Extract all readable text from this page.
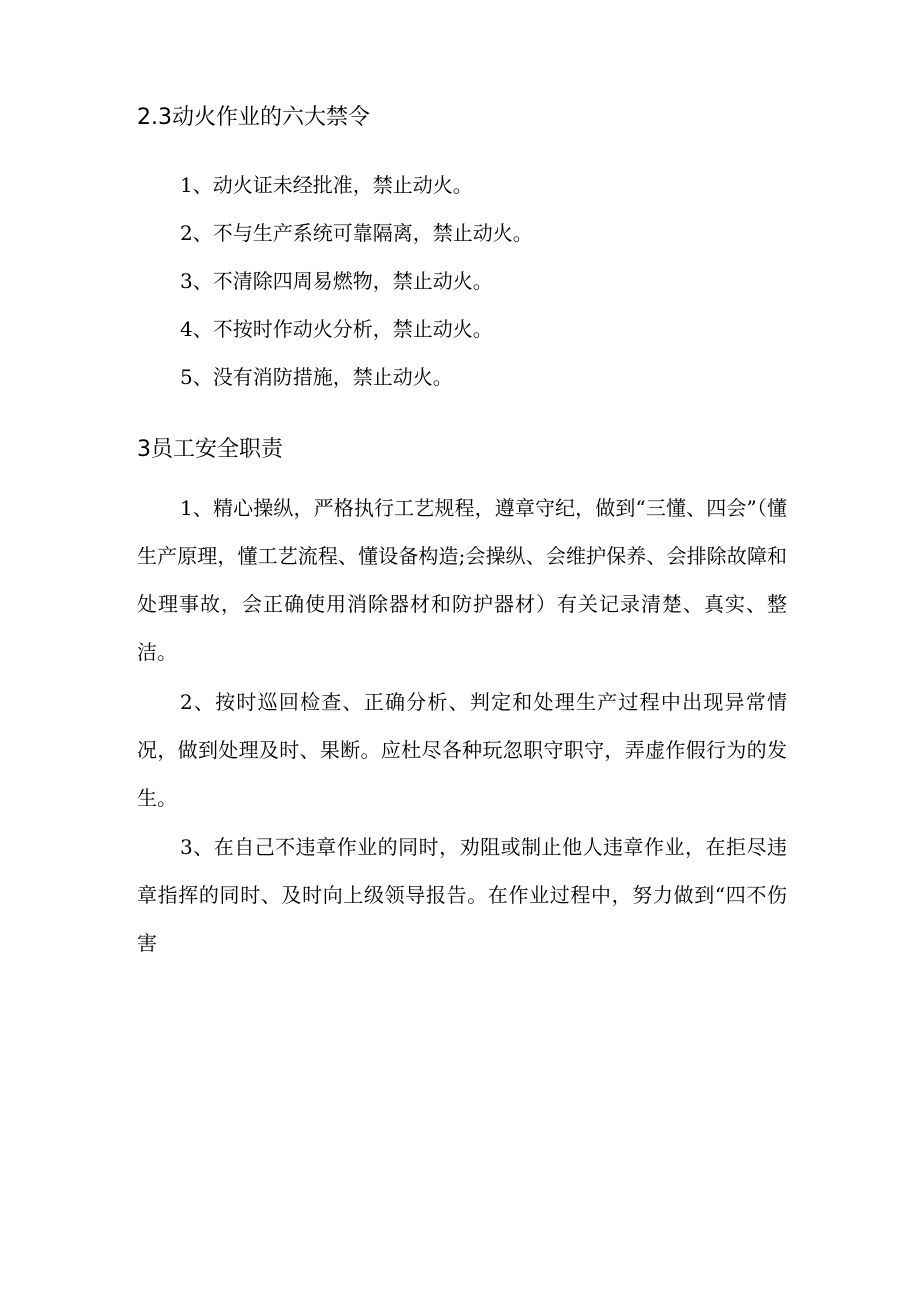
2.3动火作业的六大禁令
1、动火证未经批准，禁止动火。
2、不与生产系统可靠隔离，禁止动火。
3、不清除四周易燃物，禁止动火。
4、不按时作动火分析，禁止动火。
5、没有消防措施，禁止动火。
3员工安全职责

1、精心操纵，严格执行工艺规程，遵章守纪，做到“三懂、四会”（懂生产原理，懂工艺流程、懂设备构造;会操纵、会维护保养、会排除故障和处理事故，会正确使用消除器材和防护器材）有关记录清楚、真实、整洁。

2、按时巡回检查、正确分析、判定和处理生产过程中出现异常情况，做到处理及时、果断。应杜尽各种玩忽职守职守，弄虚作假行为的发生。

3、在自己不违章作业的同时，劝阻或制止他人违章作业，在拒尽违章指挥的同时、及时向上级领导报告。在作业过程中，努力做到“四不伤害
